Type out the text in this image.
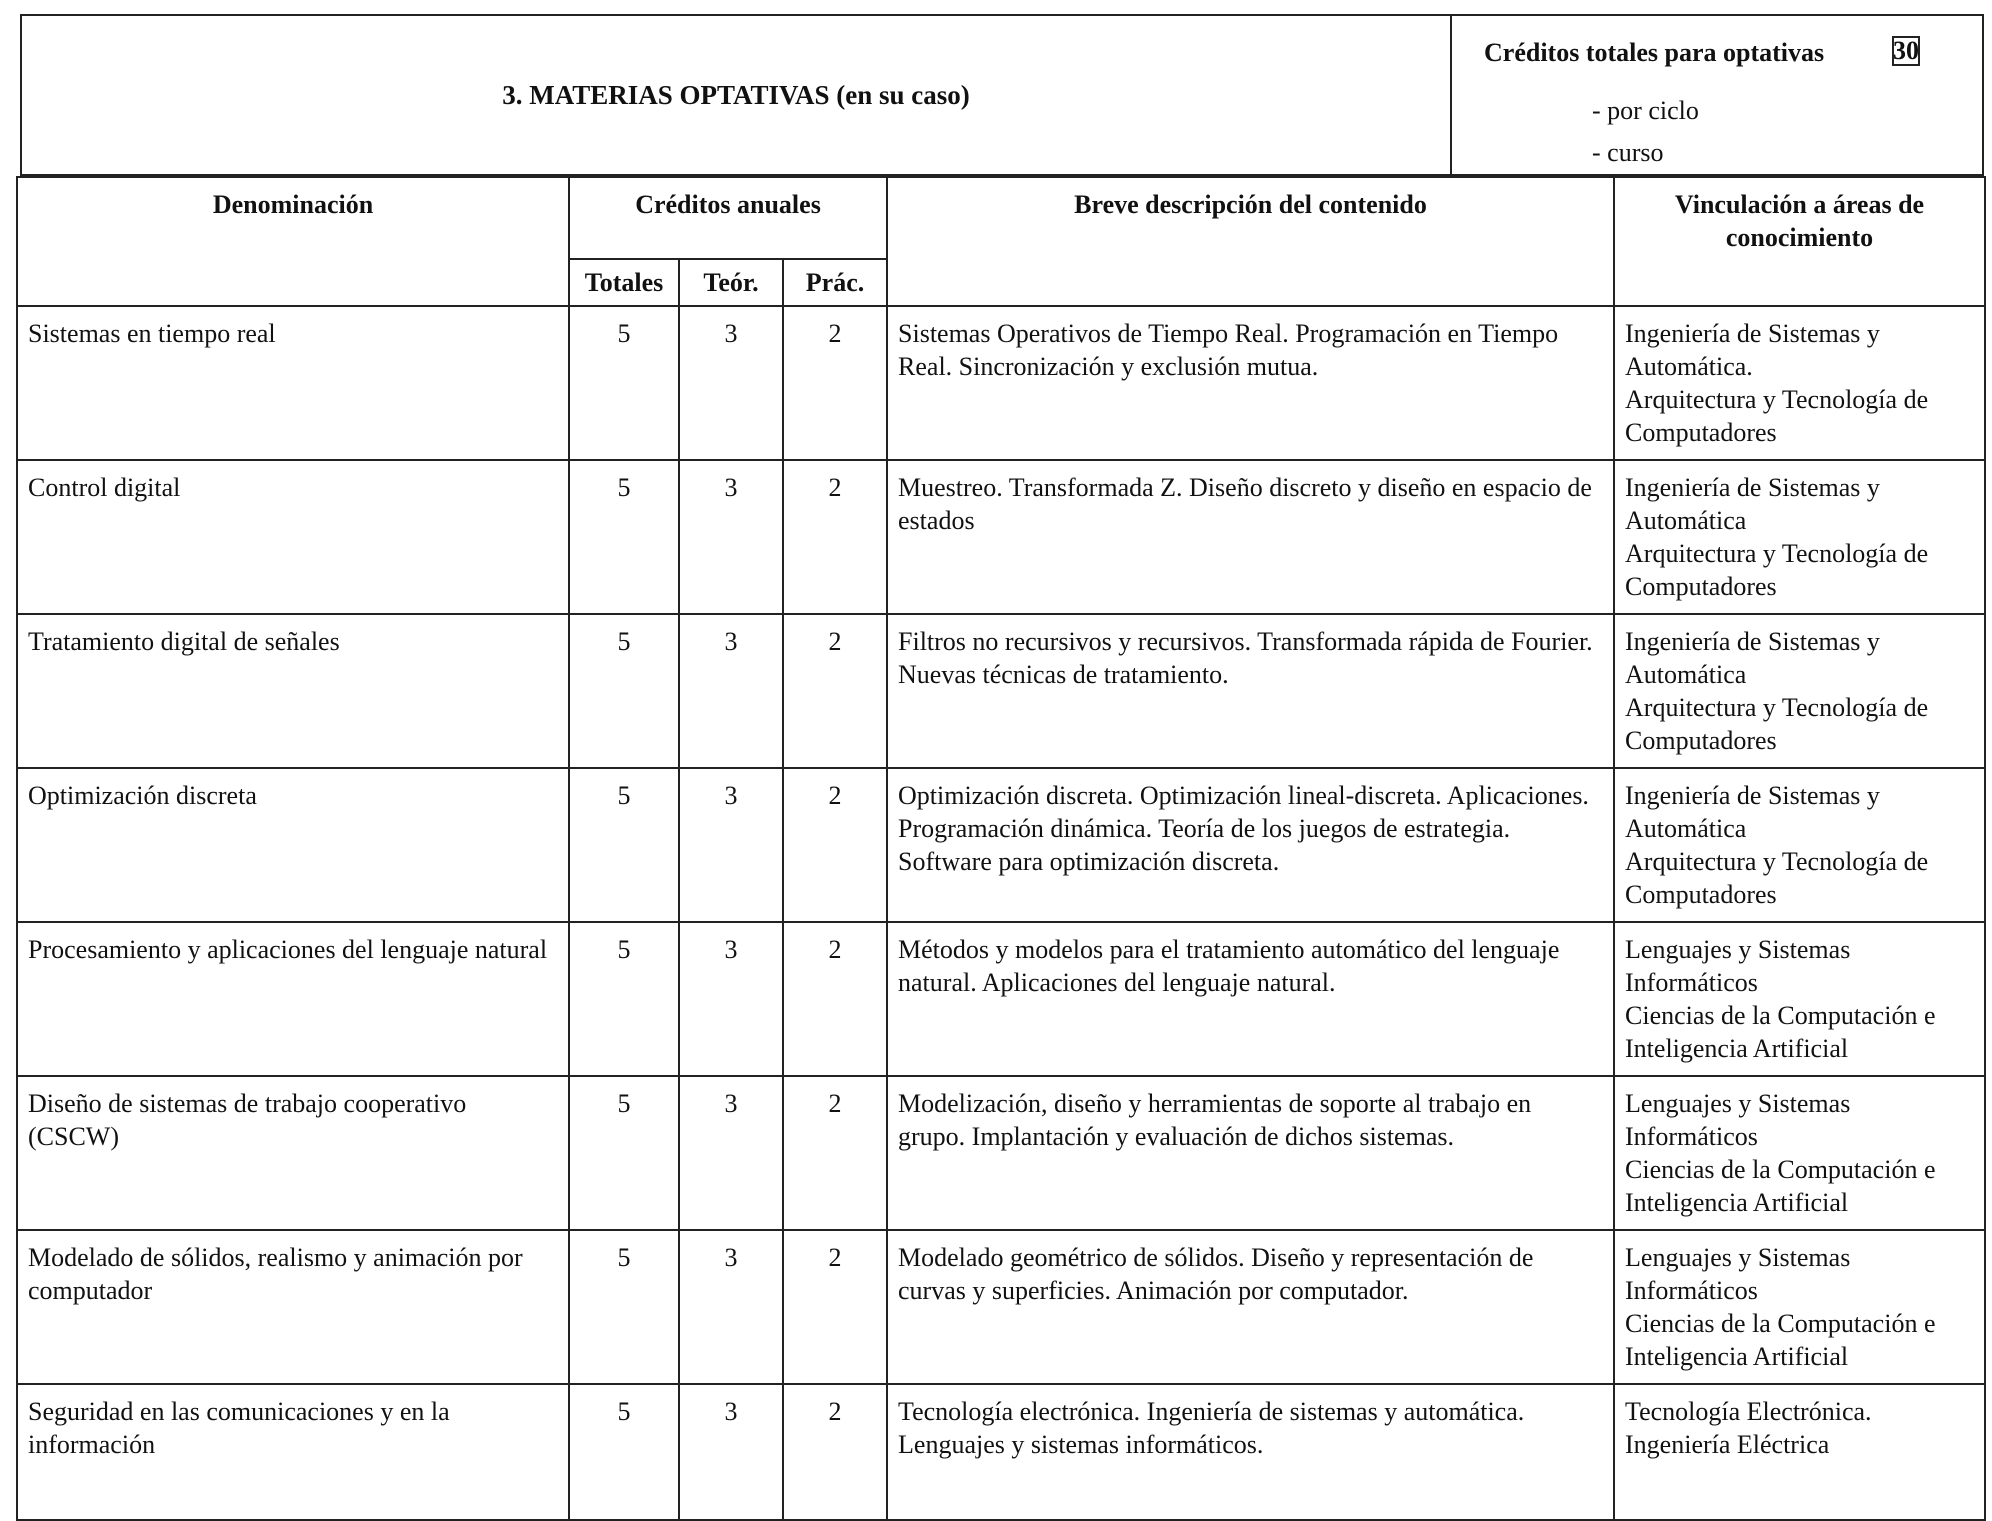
3. MATERIAS OPTATIVAS (en su caso)
Créditos totales para optativas	30
- por ciclo
- curso
Denominación	Créditos anuales			Breve descripción del contenido	Vinculación a áreas de conocimiento
	Totales	Teór.	Prác.		
Sistemas en tiempo real	5	3	2	Sistemas Operativos de Tiempo Real. Programación en Tiempo Real. Sincronización y exclusión mutua.	Ingeniería de Sistemas y Automática.
Arquitectura y Tecnología de Computadores

Control digital	5	3	2	Muestreo. Transformada Z. Diseño discreto y diseño en espacio de estados	Ingeniería de Sistemas y Automática
Arquitectura y Tecnología de Computadores

Tratamiento digital de señales	5	3	2	Filtros no recursivos y recursivos. Transformada rápida de Fourier. Nuevas técnicas de tratamiento.	Ingeniería de Sistemas y Automática
Arquitectura y Tecnología de Computadores

Optimización discreta	5	3	2	Optimización discreta. Optimización lineal-discreta. Aplicaciones. Programación dinámica. Teoría de los juegos de estrategia. Software para optimización discreta.	Ingeniería de Sistemas y Automática
Arquitectura y Tecnología de Computadores

Procesamiento y aplicaciones del lenguaje natural	5	3	2	Métodos y modelos para el tratamiento automático del lenguaje natural. Aplicaciones del lenguaje natural.	Lenguajes y Sistemas Informáticos
Ciencias de la Computación e Inteligencia Artificial

Diseño de sistemas de trabajo cooperativo (CSCW)	5	3	2	Modelización, diseño y herramientas de soporte al trabajo en grupo. Implantación y evaluación de dichos sistemas.	Lenguajes y Sistemas Informáticos
Ciencias de la Computación e Inteligencia Artificial

Modelado de sólidos, realismo y animación por computador	5	3	2	Modelado geométrico de sólidos. Diseño y representación de curvas y superficies. Animación por computador.	Lenguajes y Sistemas Informáticos
Ciencias de la Computación e Inteligencia Artificial

Seguridad en las comunicaciones y en la información	5	3	2	Tecnología electrónica. Ingeniería de sistemas y automática. Lenguajes y sistemas informáticos.	Tecnología Electrónica.
Ingeniería Eléctrica
